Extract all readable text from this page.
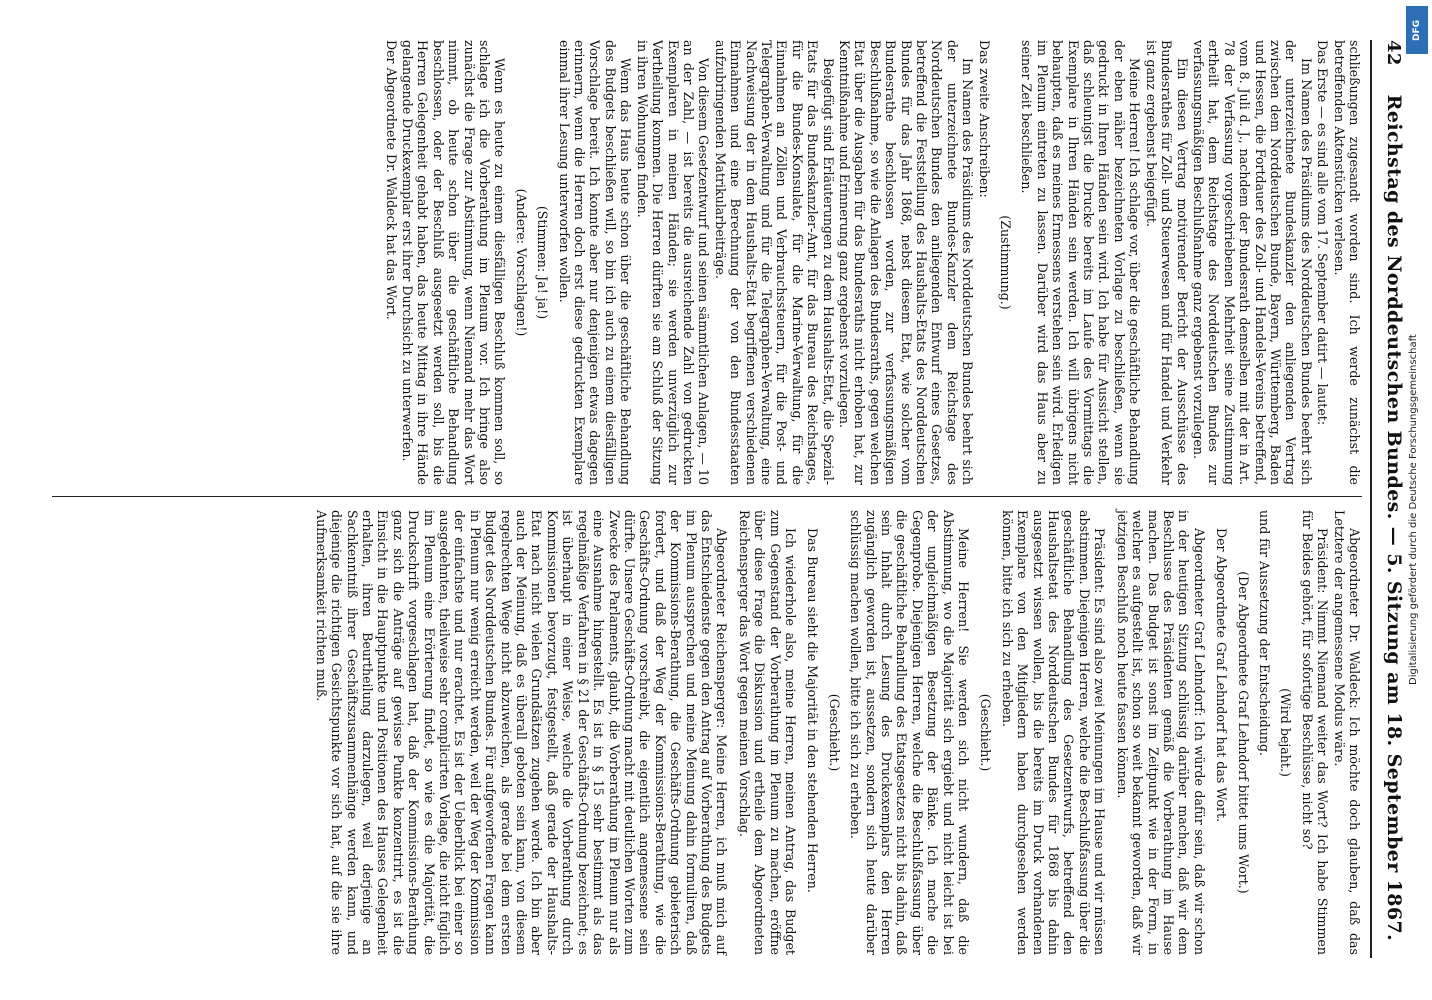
42
Reichstag des Norddeutschen Bundes. — 5. Sitzung am 18. September 1867.

schließungen zugesandt worden sind. Ich werde zunächst die betreffenden Aktenstücken verlesen.

Das Erste — es sind alle vom 17. September datirt — lautet:

Im Namen des Präsidiums des Norddeutschen Bundes beehrt sich der unterzeichnete Bundeskanzler den anliegenden Vertrag zwischen dem Norddeutschen Bunde, Bayern, Württemberg, Baden und Hessen, die Fortdauer des Zoll- und Handels-Vereins betreffend, vom 8. Juli d. J., nachdem der Bundesrath demselben mit der in Art. 78 der Verfassung vorgeschriebenen Mehrheit seine Zustimmung ertheilt hat, dem Reichstage des Norddeutschen Bundes zur verfassungsmäßigen Beschlußnahme ganz ergebenst vorzulegen.

Ein diesen Vertrag motivirender Bericht der Ausschüsse des Bundesrathes für Zoll- und Steuerwesen und für Handel und Verkehr ist ganz ergebenst beigefügt.

Meine Herren! Ich schlage vor, über die geschäftliche Behandlung der eben näher bezeichneten Vorlage zu beschließen, wenn sie gedruckt in Ihren Händen sein wird. Ich habe für Aussicht stellen, daß schleunigst die Drucke bereits im Laufe des Vormittags die Exemplare in Ihren Händen sein werden. Ich will übrigens nicht behaupten, daß es meines Ermessens verstehen sein wird. Erledigen im Plenum eintreten zu lassen. Darüber wird das Haus aber zu seiner Zeit beschließen.

(Zustimmung.)

Das zweite Anschreiben:

Im Namen des Präsidiums des Norddeutschen Bundes beehrt sich der unterzeichnete Bundes-Kanzler dem Reichstage des Norddeutschen Bundes den anliegenden Entwurf eines Gesetzes, betreffend die Feststellung des Haushalts-Etats des Norddeutschen Bundes für das Jahr 1868, nebst diesem Etat, wie solcher vom Bundesrathe beschlossen worden, zur verfassungsmäßigen Beschlußnahme, so wie die Anlagen des Bundesraths, gegen welchen Etat über die Ausgaben für das Bundesraths nicht erhoben hat, zur Kenntnißnahme und Erinnerung ganz ergebenst vorzulegen.

Beigefügt sind Erläuterungen zu dem Haushalts-Etat, die Spezial-Etats für das Bundeskanzler-Amt, für das Bureau des Reichstages, für die Bundes-Konsulate, für die Marine-Verwaltung, für die Einnahmen an Zöllen und Verbrauchssteuern, für die Post- und Telegraphen-Verwaltung und für die Telegraphen-Verwaltung, eine Nachweisung der in dem Haushalts-Etat begriffenen verschiedenen Einnahmen und eine Berechnung der von den Bundesstaaten aufzubringenden Matrikularbeiträge.

Von diesem Gesetzentwurf und seinen sämmtlichen Anlagen, — 10 an der Zahl, — ist bereits die ausreichende Zahl von gedruckten Exemplaren in meinen Händen; sie werden unverzüglich zur Vertheilung kommen. Die Herren dürften sie am Schluß der Sitzung in ihren Wohnungen finden.

Wenn das Haus heute schon über die geschäftliche Behandlung des Budgets beschließen will, so bin ich auch zu einem diesfälligen Vorschlage bereit. Ich konnte aber nur denjenigen etwas dagegen erinnern, wenn die Herren doch erst diese gedruckten Exemplare einmal ihrer Lesung unterworfen wollen.

(Stimmen: Ja! ja!)

(Andere: Vorschlagen!)

Wenn es heute zu einem diesfälligen Beschluß kommen soll, so schlage ich die Vorberathung im Plenum vor. Ich bringe also zunächst die Frage zur Abstimmung, wenn Niemand mehr das Wort nimmt, ob heute schon über die geschäftliche Behandlung beschlossen, oder der Beschluß ausgesetzt werden soll, bis die Herren Gelegenheit gehabt haben, das heute Mittag in ihre Hände gelangende Druckexemplar erst ihrer Durchsicht zu unterwerfen.

Der Abgeordnete Dr. Waldeck hat das Wort.

Abgeordneter Dr. Waldeck: Ich möchte doch glauben, daß das Letztere der angemessene Modus wäre.

Präsident: Nimmt Niemand weiter das Wort? Ich habe Stimmen für Beides gehört, für sofortige Beschlüsse, nicht so?

(Wird bejaht.)

und für Aussetzung der Entscheidung.

(Der Abgeordnete Graf Lehndorf bittet ums Wort.)

Der Abgeordnete Graf Lehndorf hat das Wort.

Abgeordneter Graf Lehndorf: Ich würde dafür sein, daß wir schon in der heutigen Sitzung schlüssig darüber machen, daß wir dem Beschlusse des Präsidenten gemäß die Vorberathung im Hause machen. Das Budget ist sonst im Zeitpunkt wie in der Form, in welcher es aufgestellt ist, schon so weit bekannt geworden, daß wir jetzigen Beschluß noch heute fassen können.

Präsident: Es sind also zwei Meinungen im Hause und wir müssen abstimmen. Diejenigen Herren, welche die Beschlußfassung über die geschäftliche Behandlung des Gesetzentwurfs, betreffend den Haushaltsetat des Norddeutschen Bundes für 1868 bis dahin ausgesetzt wissen wollen, bis die bereits im Druck vorhandenen Exemplare von den Mitgliedern haben durchgesehen werden können, bitte ich sich zu erheben.

(Geschieht.)

Meine Herren! Sie werden sich nicht wundern, daß die Abstimmung, wo die Majorität sich ergiebt und nicht leicht ist bei der ungleichmäßigen Besetzung der Bänke. Ich mache die Gegenprobe. Diejenigen Herren, welche die Beschlußfassung über die geschäftliche Behandlung des Etatsgesetzes nicht bis dahin, daß sein Inhalt durch Lesung des Druckexemplars den Herren zugänglich geworden ist, aussetzen, sondern sich heute darüber schlüssig machen wollen, bitte ich sich zu erheben.

(Geschieht.)

Das Bureau sieht die Majorität in den stehenden Herren.

Ich wiederhole also, meine Herren, meinen Antrag, das Budget zum Gegenstand der Vorberathung im Plenum zu machen, eröffne über diese Frage die Diskussion und ertheile dem Abgeordneten Reichensperger das Wort gegen meinen Vorschlag.

Abgeordneter Reichensperger: Meine Herren, ich muß mich auf das Entschiedenste gegen den Antrag auf Vorberathung des Budgets im Plenum aussprechen und meine Meinung dahin formuliren, daß der Kommissions-Berathung, die Geschäfts-Ordnung gebieterisch fordert, und daß der Weg der Kommissions-Berathung, wie die Geschäfts-Ordnung vorschreibt, die eigentlich angemessene sein dürfte. Unsere Geschäfts-Ordnung macht mit deutlichen Worten zum Zwecke des Parlaments, glaubt, die Vorberathung im Plenum nur als eine Ausnahme hingestellt. Es ist in § 15 sehr bestimmt als das regelmäßige Verfahren in § 21 der Geschäfts-Ordnung bezeichnet; es ist überhaupt in einer Weise, welche die Vorberathung durch Kommissionen bevorzugt, festgestellt, daß gerade der Haushalts-Etat nach nicht vielen Grundsätzen zugehen werde. Ich bin aber auch der Meinung, daß es überall geboten sein kann, von diesem regelrechten Wege nicht abzuweichen, als gerade bei dem ersten Budget des Norddeutschen Bundes. Für aufgeworfenen Fragen kann in Plenum nur wenig erreicht werden, weil der Weg der Kommission der einfachste und nur erachtet. Es ist der Ueberblick bei einer so ausgedehnten, theilweise sehr complicirten Vorlage, die nicht füglich im Plenum eine Erörterung findet, so wie es die Majorität, die Druckschrift vorgeschlagen hat, daß der Kommissions-Berathung ganz sich die Anträge auf gewisse Punkte konzentrirt, es ist die Einsicht in die Hauptpunkte und Positionen des Hauses Gelegenheit erhalten, ihren Beurtheilung darzulegen, weil derjenige an Sachkenntniß ihrer Geschäftszusammenhänge werden kann, und diejenige die richtigen Gesichtspunkte vor sich hat, auf die sie ihre Aufmerksamkeit richten muß.

DFG
Digitalisierung gefördert durch die Deutsche Forschungsgemeinschaft
